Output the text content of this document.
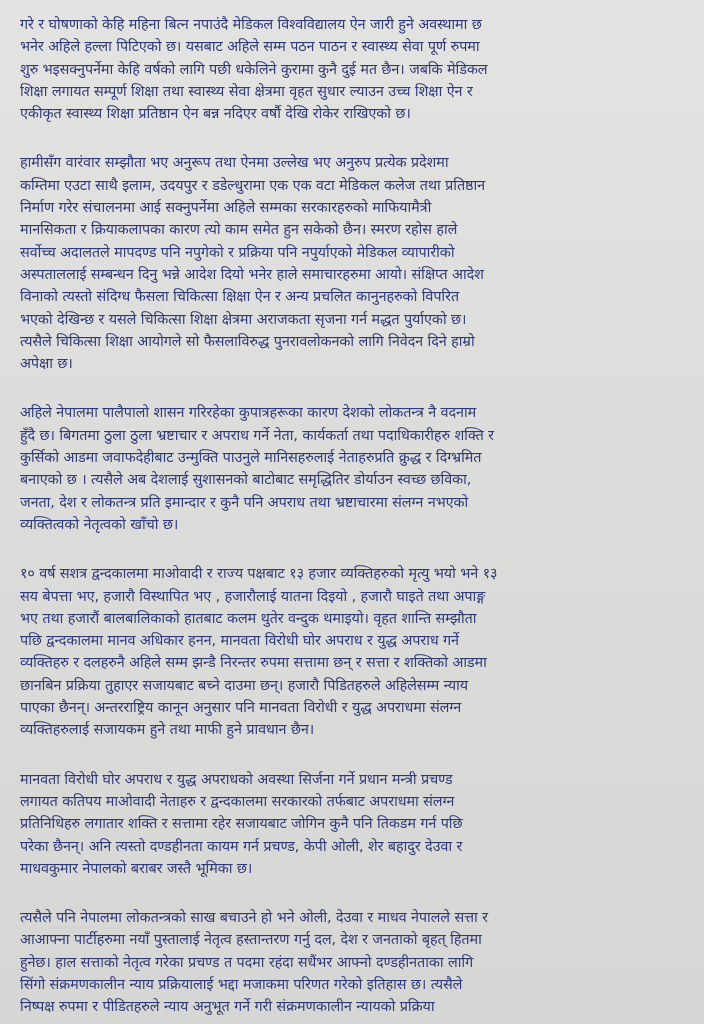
गरे र घोषणाको केहि महिना बित्न नपाउंदै मेडिकल विश्वविद्यालय ऐन जारी हुने अवस्थामा छ
भनेर अहिले हल्ला पिटिएको छ। यसबाट अहिले सम्म पठन पाठन र स्वास्थ्य सेवा पूर्ण रुपमा
शुरु भइसक्नुपर्नेमा केहि वर्षको लागि पछी धकेलिने कुरामा कुनै दुई मत छैन। जबकि मेडिकल
शिक्षा लगायत सम्पूर्ण शिक्षा तथा स्वास्थ्य सेवा क्षेत्रमा वृहत सुधार ल्याउन उच्च शिक्षा ऐन र
एकीकृत स्वास्थ्य शिक्षा प्रतिष्ठान ऐन बन्न नदिएर वर्षौ देखि रोकेर राखिएको छ।
हामीसँग वारंवार सम्झौता भए अनुरूप तथा ऐनमा उल्लेख भए अनुरुप प्रत्येक प्रदेशमा
कम्तिमा एउटा साथै इलाम, उदयपुर र डडेल्धुरामा एक एक वटा मेडिकल कलेज तथा प्रतिष्ठान
निर्माण गरेर संचालनमा आई सक्नुपर्नेमा अहिले सम्मका सरकारहरुको माफियामैत्री
मानसिकता र क्रियाकलापका कारण त्यो काम समेत हुन सकेको छैन। स्मरण रहोस हाले
सर्वोच्च अदालतले मापदण्ड पनि नपुगेको र प्रक्रिया पनि नपुर्याएको मेडिकल व्यापारीको
अस्पताललाई सम्बन्धन दिनु भन्ने आदेश दियो भनेर हाले समाचारहरुमा आयो। संक्षिप्त आदेश
विनाको त्यस्तो संदिग्ध फैसला चिकित्सा क्षिक्षा ऐन र अन्य प्रचलित कानुनहरुको विपरित
भएको देखिन्छ र यसले चिकित्सा शिक्षा क्षेत्रमा अराजकता सृजना गर्न मद्धत पुर्याएको छ।
त्यसैले चिकित्सा शिक्षा आयोगले सो फैसलाविरुद्ध पुनरावलोकनको लागि निवेदन दिने हाम्रो
अपेक्षा छ।
अहिले नेपालमा पालैपालो शासन गरिरहेका कुपात्रहरूका कारण देशको लोकतन्त्र नै वदनाम
हुँदै छ। बिगतमा ठुला ठुला भ्रष्टाचार र अपराध गर्ने नेता, कार्यकर्ता तथा पदाधिकारीहरु शक्ति र
कुर्सिको आडमा जवाफदेहीबाट उन्मुक्ति पाउनुले मानिसहरुलाई नेताहरुप्रति क्रुद्ध र दिग्भ्रमित
बनाएको छ । त्यसैले अब देशलाई सुशासनको बाटोबाट समृद्धितिर डोर्याउन स्वच्छ छविका,
जनता, देश र लोकतन्त्र प्रति इमान्दार र कुनै पनि अपराध तथा भ्रष्टाचारमा संलग्न नभएको
व्यक्तित्वको नेतृत्वको खाँचो छ।
१० वर्ष सशत्र द्वन्दकालमा माओवादी र राज्य पक्षबाट १३ हजार व्यक्तिहरुको मृत्यु भयो भने १३
सय बेपत्ता भए, हजारौ विस्थापित भए , हजारौलाई यातना दिइयो , हजारौ घाइते तथा अपाङ्ग
भए तथा हजारौं बालबालिकाको हातबाट कलम थुतेर वन्दुक थमाइयो। वृहत शान्ति सम्झौता
पछि द्वन्दकालमा मानव अधिकार हनन, मानवता विरोधी घोर अपराध र युद्ध अपराध गर्ने
व्यक्तिहरु र दलहरुनै अहिले सम्म झन्डै निरन्तर रुपमा सत्तामा छन् र सत्ता र शक्तिको आडमा
छानबिन प्रक्रिया तुहाएर सजायबाट बच्ने दाउमा छन्। हजारौ पिडितहरुले अहिलेसम्म न्याय
पाएका छैनन्। अन्तरराष्ट्रिय कानून अनुसार पनि मानवता विरोधी र युद्ध अपराधमा संलग्न
व्यक्तिहरुलाई सजायकम हुने तथा माफी हुने प्रावधान छैन।
मानवता विरोधी घोर अपराध र युद्ध अपराधको अवस्था सिर्जना गर्ने प्रधान मन्त्री प्रचण्ड
लगायत कतिपय माओवादी नेताहरु र द्वन्दकालमा सरकारको तर्फबाट अपराधमा संलग्न
प्रतिनिधिहरु लगातार शक्ति र सत्तामा रहेर सजायबाट जोगिन कुनै पनि तिकडम गर्न पछि
परेका छैनन्। अनि त्यस्तो दण्डहीनता कायम गर्न प्रचण्ड, केपी ओली, शेर बहादुर देउवा र
माधवकुमार नेपालको बराबर जस्तै भूमिका छ।
त्यसैले पनि नेपालमा लोकतन्त्रको साख बचाउने हो भने ओली, देउवा र माधव नेपालले सत्ता र
आआफ्ना पार्टीहरुमा नयाँ पुस्तालाई नेतृत्व हस्तान्तरण गर्नु दल, देश र जनताको बृहत् हितमा
हुनेछ। हाल सत्ताको नेतृत्व गरेका प्रचण्ड त पदमा रहंदा सधैंभर आफ्नो दण्डहीनताका लागि
सिंगो संक्रमणकालीन न्याय प्रक्रियालाई भद्दा मजाकमा परिणत गरेको इतिहास छ। त्यसैले
निष्पक्ष रुपमा र पीडितहरुले न्याय अनुभूत गर्ने गरी संक्रमणकालीन न्यायको प्रक्रिया
